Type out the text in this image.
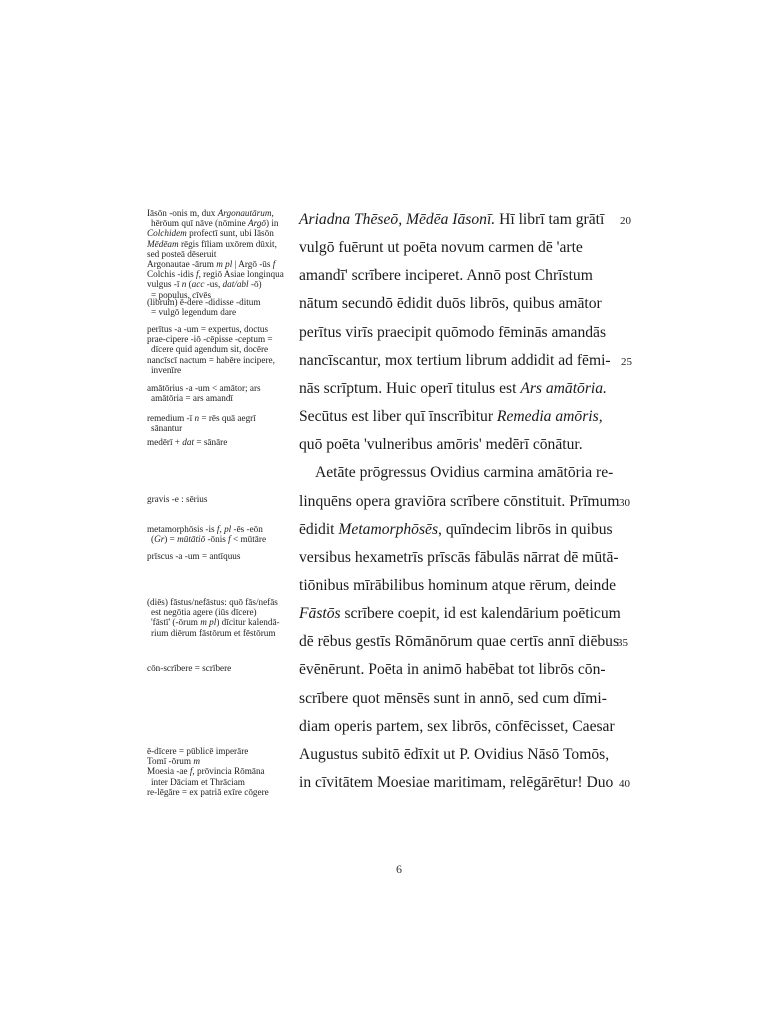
Iāsōn -onis m, dux Argonautārum,
hērōum quī nāve (nōmine Argō) in
Colchidem profectī sunt, ubi Iāsōn
Mēdēam rēgis fīliam uxōrem dūxit,
sed posteā dēseruit
Argonautae -ārum m pl | Argō -ūs f
Colchis -idis f, regiō Asiae longinqua
vulgus -ī n (acc -us, dat/abl -ō)
= populus, cīvēs
(librum) ē-dere -didisse -ditum
= vulgō legendum dare
perītus -a -um = expertus, doctus
prae-cipere -iō -cēpisse -ceptum =
dīcere quid agendum sit, docēre
nancīscī nactum = habēre incipere,
invenīre
amātōrius -a -um < amātor; ars
amātōria = ars amandī
remedium -ī n = rēs quā aegrī
sānantur
medērī + dat = sānāre
gravis -e : sērius
metamorphōsis -is f, pl -ēs -eōn
(Gr) = mūtātiō -ōnis f < mūtāre
prīscus -a -um = antīquus
(diēs) fāstus/nefāstus: quō fās/nefās
est negōtia agere (iūs dīcere)
'fāstī' (-ōrum m pl) dīcitur kalendā-
rium diērum fāstōrum et fēstōrum
cōn-scrībere = scrībere
ē-dīcere = pūblicē imperāre
Tomī -ōrum m
Moesia -ae f, prōvincia Rōmāna
inter Dāciam et Thrāciam
re-lēgāre = ex patriā exīre cōgere
Ariadna Thēseō, Mēdēa Iāsonī. Hī librī tam grātī 20
vulgō fuērunt ut poēta novum carmen dē 'arte
amandī' scrībere inciperet. Annō post Chrīstum
nātum secundō ēdidit duōs librōs, quibus amātor
perītus virīs praecipit quōmodo fēminās amandās
nancīscantur, mox tertium librum addidit ad fēmi- 25
nās scrīptum. Huic operī titulus est Ars amātōria.
Secūtus est liber quī īnscrībitur Remedia amōris,
quō poēta 'vulneribus amōris' medērī cōnātur.
Aetāte prōgressus Ovidius carmina amātōria re-
linquēns opera graviōra scrībere cōnstituit. Prīmum 30
ēdidit Metamorphōsēs, quīndecim librōs in quibus
versibus hexametrīs prīscās fābulās nārrat dē mūtā-
tiōnibus mīrābilibus hominum atque rērum, deinde
Fāstōs scrībere coepit, id est kalendārium poēticum
dē rēbus gestīs Rōmānōrum quae certīs annī diēbus
35
ēvēnērunt. Poēta in animō habēbat tot librōs cōn-
scrībere quot mēnsēs sunt in annō, sed cum dīmi-
diam operis partem, sex librōs, cōnfēcisset, Caesar
Augustus subitō ēdīxit ut P. Ovidius Nāsō Tomōs,
in cīvitātem Moesiae maritimam, relēgārētur! Duo 40
6
